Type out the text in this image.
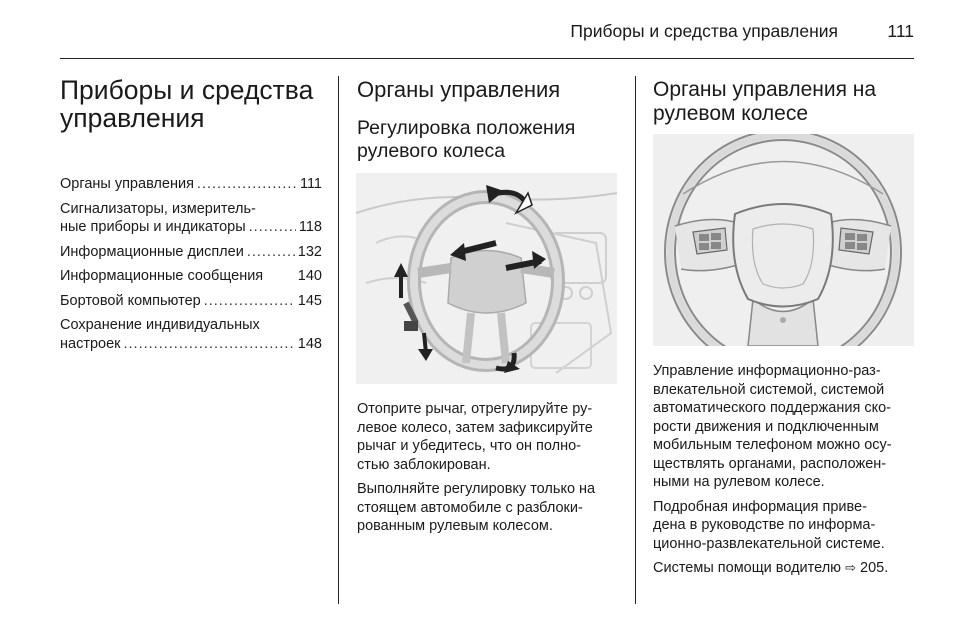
Приборы и средства управления	111
Приборы и средства
управления
Органы управления .....	111
Сигнализаторы, измеритель-
ные приборы и индикаторы .....	118
Информационные дисплеи .....	132
Информационные сообщения 140
Бортовой компьютер .....	145
Сохранение индивидуальных
настроек .....	148
Органы управления
Регулировка положения
рулевого колеса

Отоприте рычаг, отрегулируйте ру-
левое колесо, затем зафиксируйте
рычаг и убедитесь, что он полно-
стью заблокирован.

Выполняйте регулировку только на
стоящем автомобиле с разблоки-
рованным рулевым колесом.

Органы управления на
рулевом колесе

Управление информационно-раз-
влекательной системой, системой
автоматического поддержания ско-
рости движения и подключенным
мобильным телефоном можно осу-
ществлять органами, расположен-
ными на рулевом колесе.

Подробная информация приве-
дена в руководстве по информа-
ционно-развлекательной системе.

Системы помощи водителю ⇨ 205.
